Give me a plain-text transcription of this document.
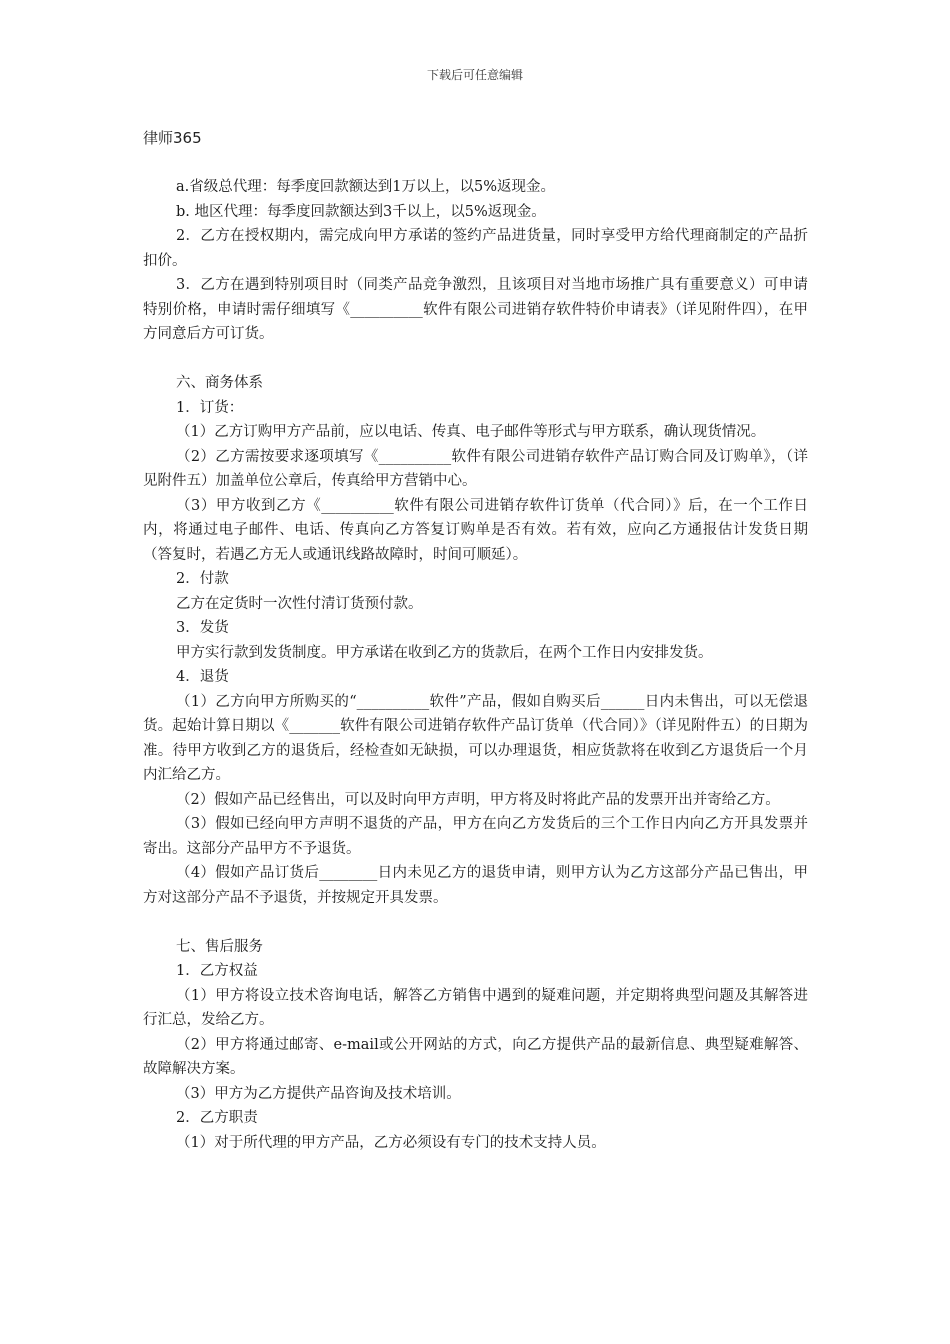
下载后可任意编辑
律师365

a.省级总代理：每季度回款额达到1万以上，以5%返现金。

b. 地区代理：每季度回款额达到3千以上，以5%返现金。

2．乙方在授权期内，需完成向甲方承诺的签约产品进货量，同时享受甲方给代理商制定的产品折扣价。

3．乙方在遇到特别项目时（同类产品竞争激烈，且该项目对当地市场推广具有重要意义）可申请特别价格，申请时需仔细填写《__________软件有限公司进销存软件特价申请表》（详见附件四），在甲方同意后方可订货。

六、商务体系

1．订货：

（1）乙方订购甲方产品前，应以电话、传真、电子邮件等形式与甲方联系，确认现货情况。

（2）乙方需按要求逐项填写《__________软件有限公司进销存软件产品订购合同及订购单》，（详见附件五）加盖单位公章后，传真给甲方营销中心。

（3）甲方收到乙方《__________软件有限公司进销存软件订货单（代合同）》后，在一个工作日内，将通过电子邮件、电话、传真向乙方答复订购单是否有效。若有效，应向乙方通报估计发货日期（答复时，若遇乙方无人或通讯线路故障时，时间可顺延）。

2．付款

乙方在定货时一次性付清订货预付款。

3．发货

甲方实行款到发货制度。甲方承诺在收到乙方的货款后，在两个工作日内安排发货。

4．退货

（1）乙方向甲方所购买的“__________软件”产品，假如自购买后______日内未售出，可以无偿退货。起始计算日期以《_______软件有限公司进销存软件产品订货单（代合同）》（详见附件五）的日期为准。待甲方收到乙方的退货后，经检查如无缺损，可以办理退货，相应货款将在收到乙方退货后一个月内汇给乙方。

（2）假如产品已经售出，可以及时向甲方声明，甲方将及时将此产品的发票开出并寄给乙方。

（3）假如已经向甲方声明不退货的产品，甲方在向乙方发货后的三个工作日内向乙方开具发票并寄出。这部分产品甲方不予退货。

（4）假如产品订货后________日内未见乙方的退货申请，则甲方认为乙方这部分产品已售出，甲方对这部分产品不予退货，并按规定开具发票。

七、售后服务

1．乙方权益

（1）甲方将设立技术咨询电话，解答乙方销售中遇到的疑难问题，并定期将典型问题及其解答进行汇总，发给乙方。

（2）甲方将通过邮寄、e-mail或公开网站的方式，向乙方提供产品的最新信息、典型疑难解答、故障解决方案。

（3）甲方为乙方提供产品咨询及技术培训。

2．乙方职责

（1）对于所代理的甲方产品，乙方必须设有专门的技术支持人员。
